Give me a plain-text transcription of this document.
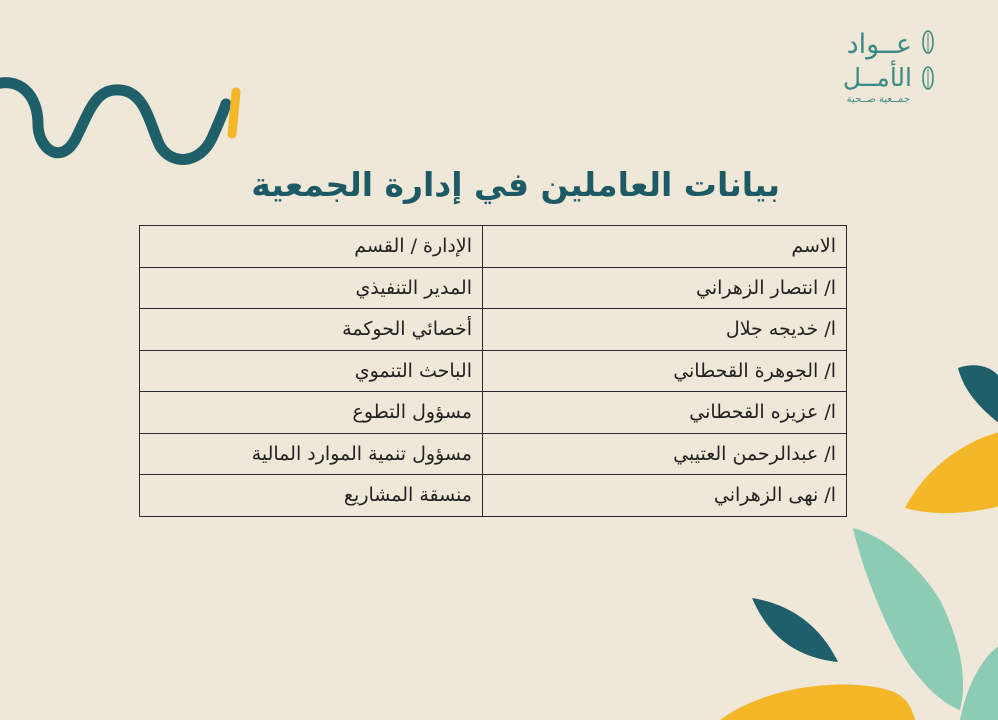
عــواد
الأمــل
جمــعية صــحية
بيانات العاملين في إدارة الجمعية
الاسم	الإدارة / القسم
ا/ انتصار الزهراني	المدير التنفيذي
ا/ خديجه جلال	أخصائي الحوكمة
ا/ الجوهرة القحطاني	الباحث التنموي
ا/ عزيزه القحطاني	مسؤول التطوع
ا/ عبدالرحمن العتيبي	مسؤول تنمية الموارد المالية
ا/ نهى الزهراني	منسقة المشاريع
